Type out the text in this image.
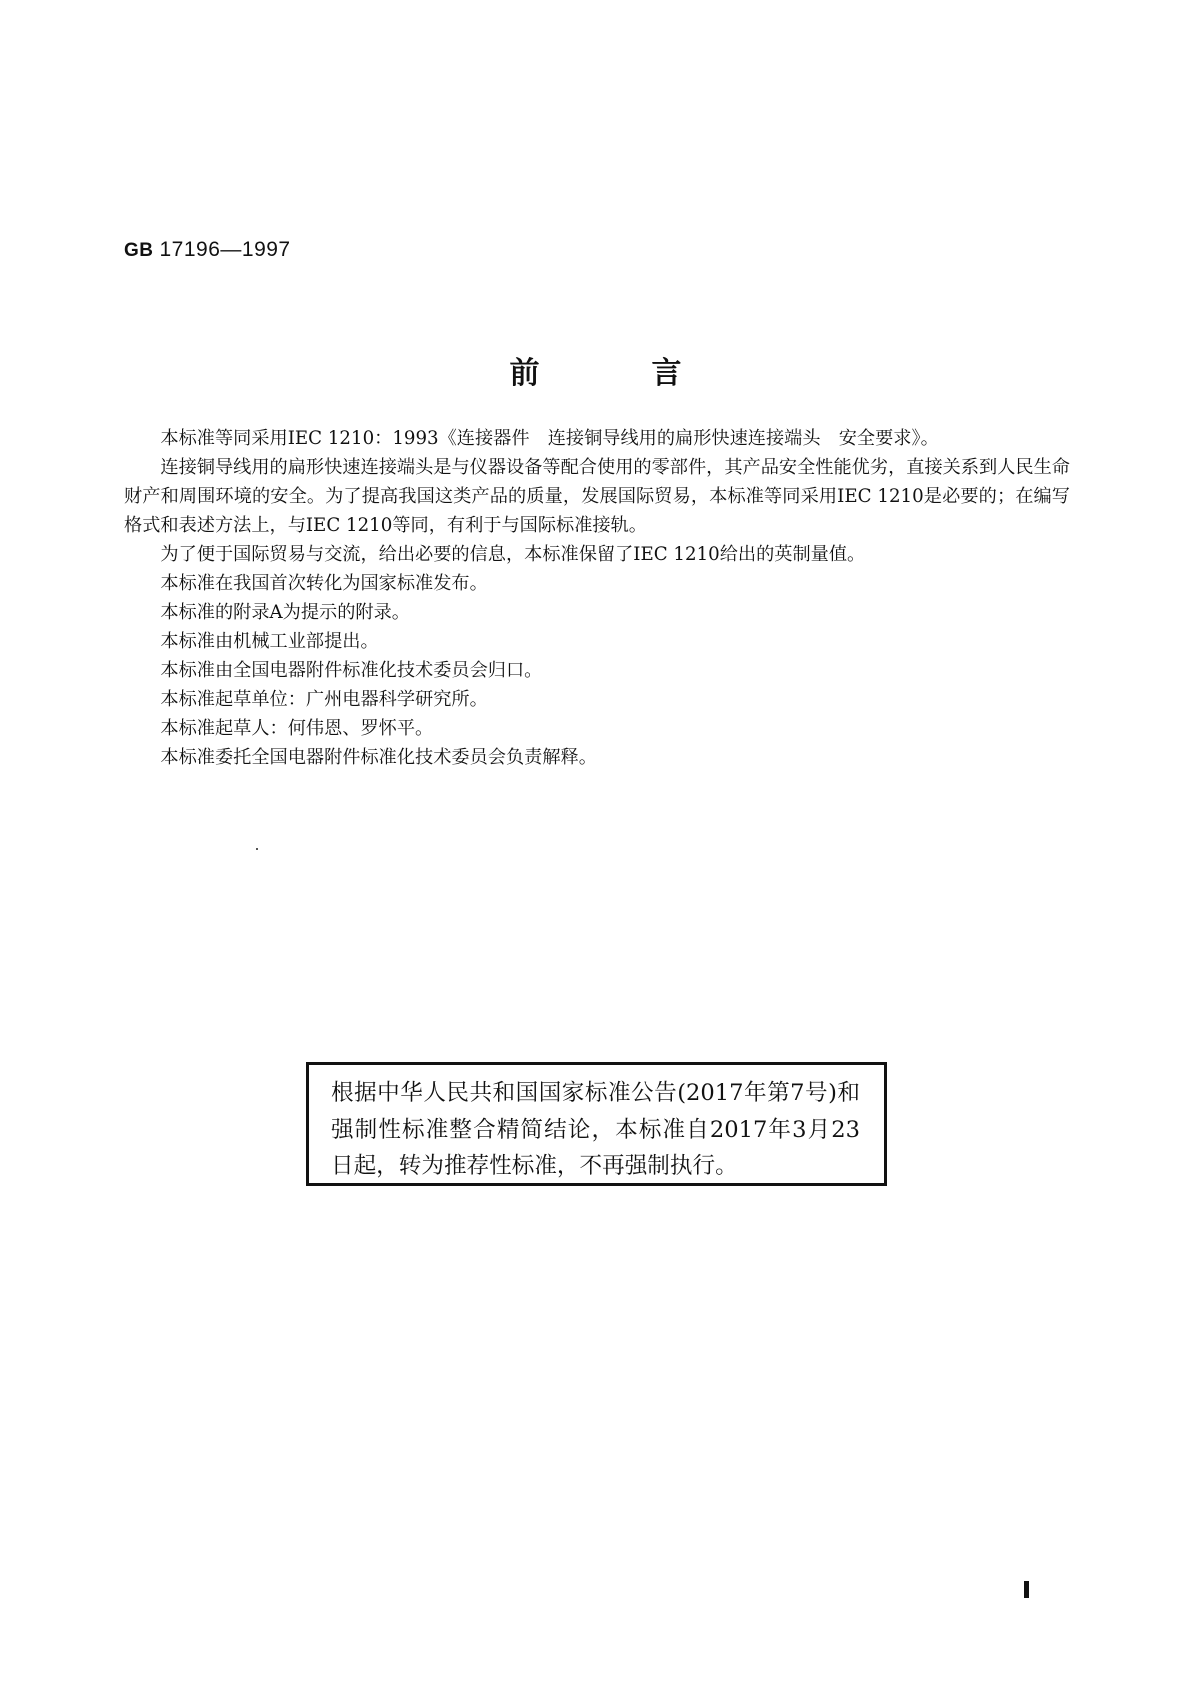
GB 17196—1997
前	言

本标准等同采用IEC 1210：1993《连接器件　连接铜导线用的扁形快速连接端头　安全要求》。

连接铜导线用的扁形快速连接端头是与仪器设备等配合使用的零部件，其产品安全性能优劣，直接关系到人民生命财产和周围环境的安全。为了提高我国这类产品的质量，发展国际贸易，本标准等同采用IEC 1210是必要的；在编写格式和表述方法上，与IEC 1210等同，有利于与国际标准接轨。

为了便于国际贸易与交流，给出必要的信息，本标准保留了IEC 1210给出的英制量值。

本标准在我国首次转化为国家标准发布。

本标准的附录A为提示的附录。

本标准由机械工业部提出。

本标准由全国电器附件标准化技术委员会归口。

本标准起草单位：广州电器科学研究所。

本标准起草人：何伟恩、罗怀平。

本标准委托全国电器附件标准化技术委员会负责解释。

根据中华人民共和国国家标准公告(2017年第7号)和强制性标准整合精简结论，本标准自2017年3月23日起，转为推荐性标准，不再强制执行。
